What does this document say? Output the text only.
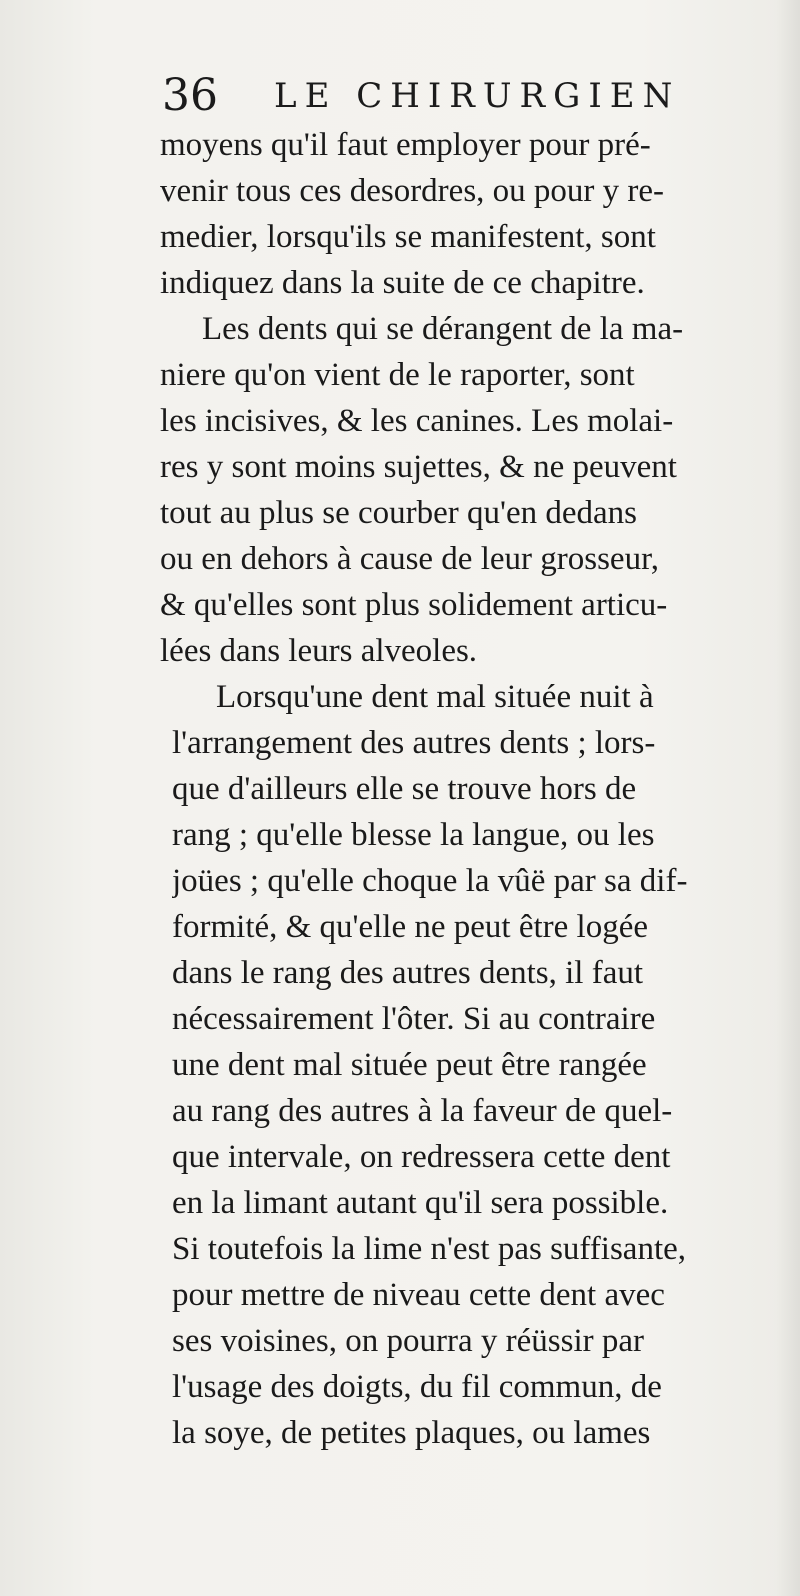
36 LE CHIRURGIEN
moyens qu'il faut employer pour pré-
venir tous ces desordres, ou pour y re-
medier, lorsqu'ils se manifestent, sont
indiquez dans la suite de ce chapitre.
Les dents qui se dérangent de la ma-
niere qu'on vient de le raporter, sont
les incisives, & les canines. Les molai-
res y sont moins sujettes, & ne peuvent
tout au plus se courber qu'en dedans
ou en dehors à cause de leur grosseur,
& qu'elles sont plus solidement articu-
lées dans leurs alveoles.
Lorsqu'une dent mal située nuit à
l'arrangement des autres dents ; lors-
que d'ailleurs elle se trouve hors de
rang ; qu'elle blesse la langue, ou les
joües ; qu'elle choque la vûë par sa dif-
formité, & qu'elle ne peut être logée
dans le rang des autres dents, il faut
nécessairement l'ôter. Si au contraire
une dent mal située peut être rangée
au rang des autres à la faveur de quel-
que intervale, on redressera cette dent
en la limant autant qu'il sera possible.
Si toutefois la lime n'est pas suffisante,
pour mettre de niveau cette dent avec
ses voisines, on pourra y réüssir par
l'usage des doigts, du fil commun, de
la soye, de petites plaques, ou lames
